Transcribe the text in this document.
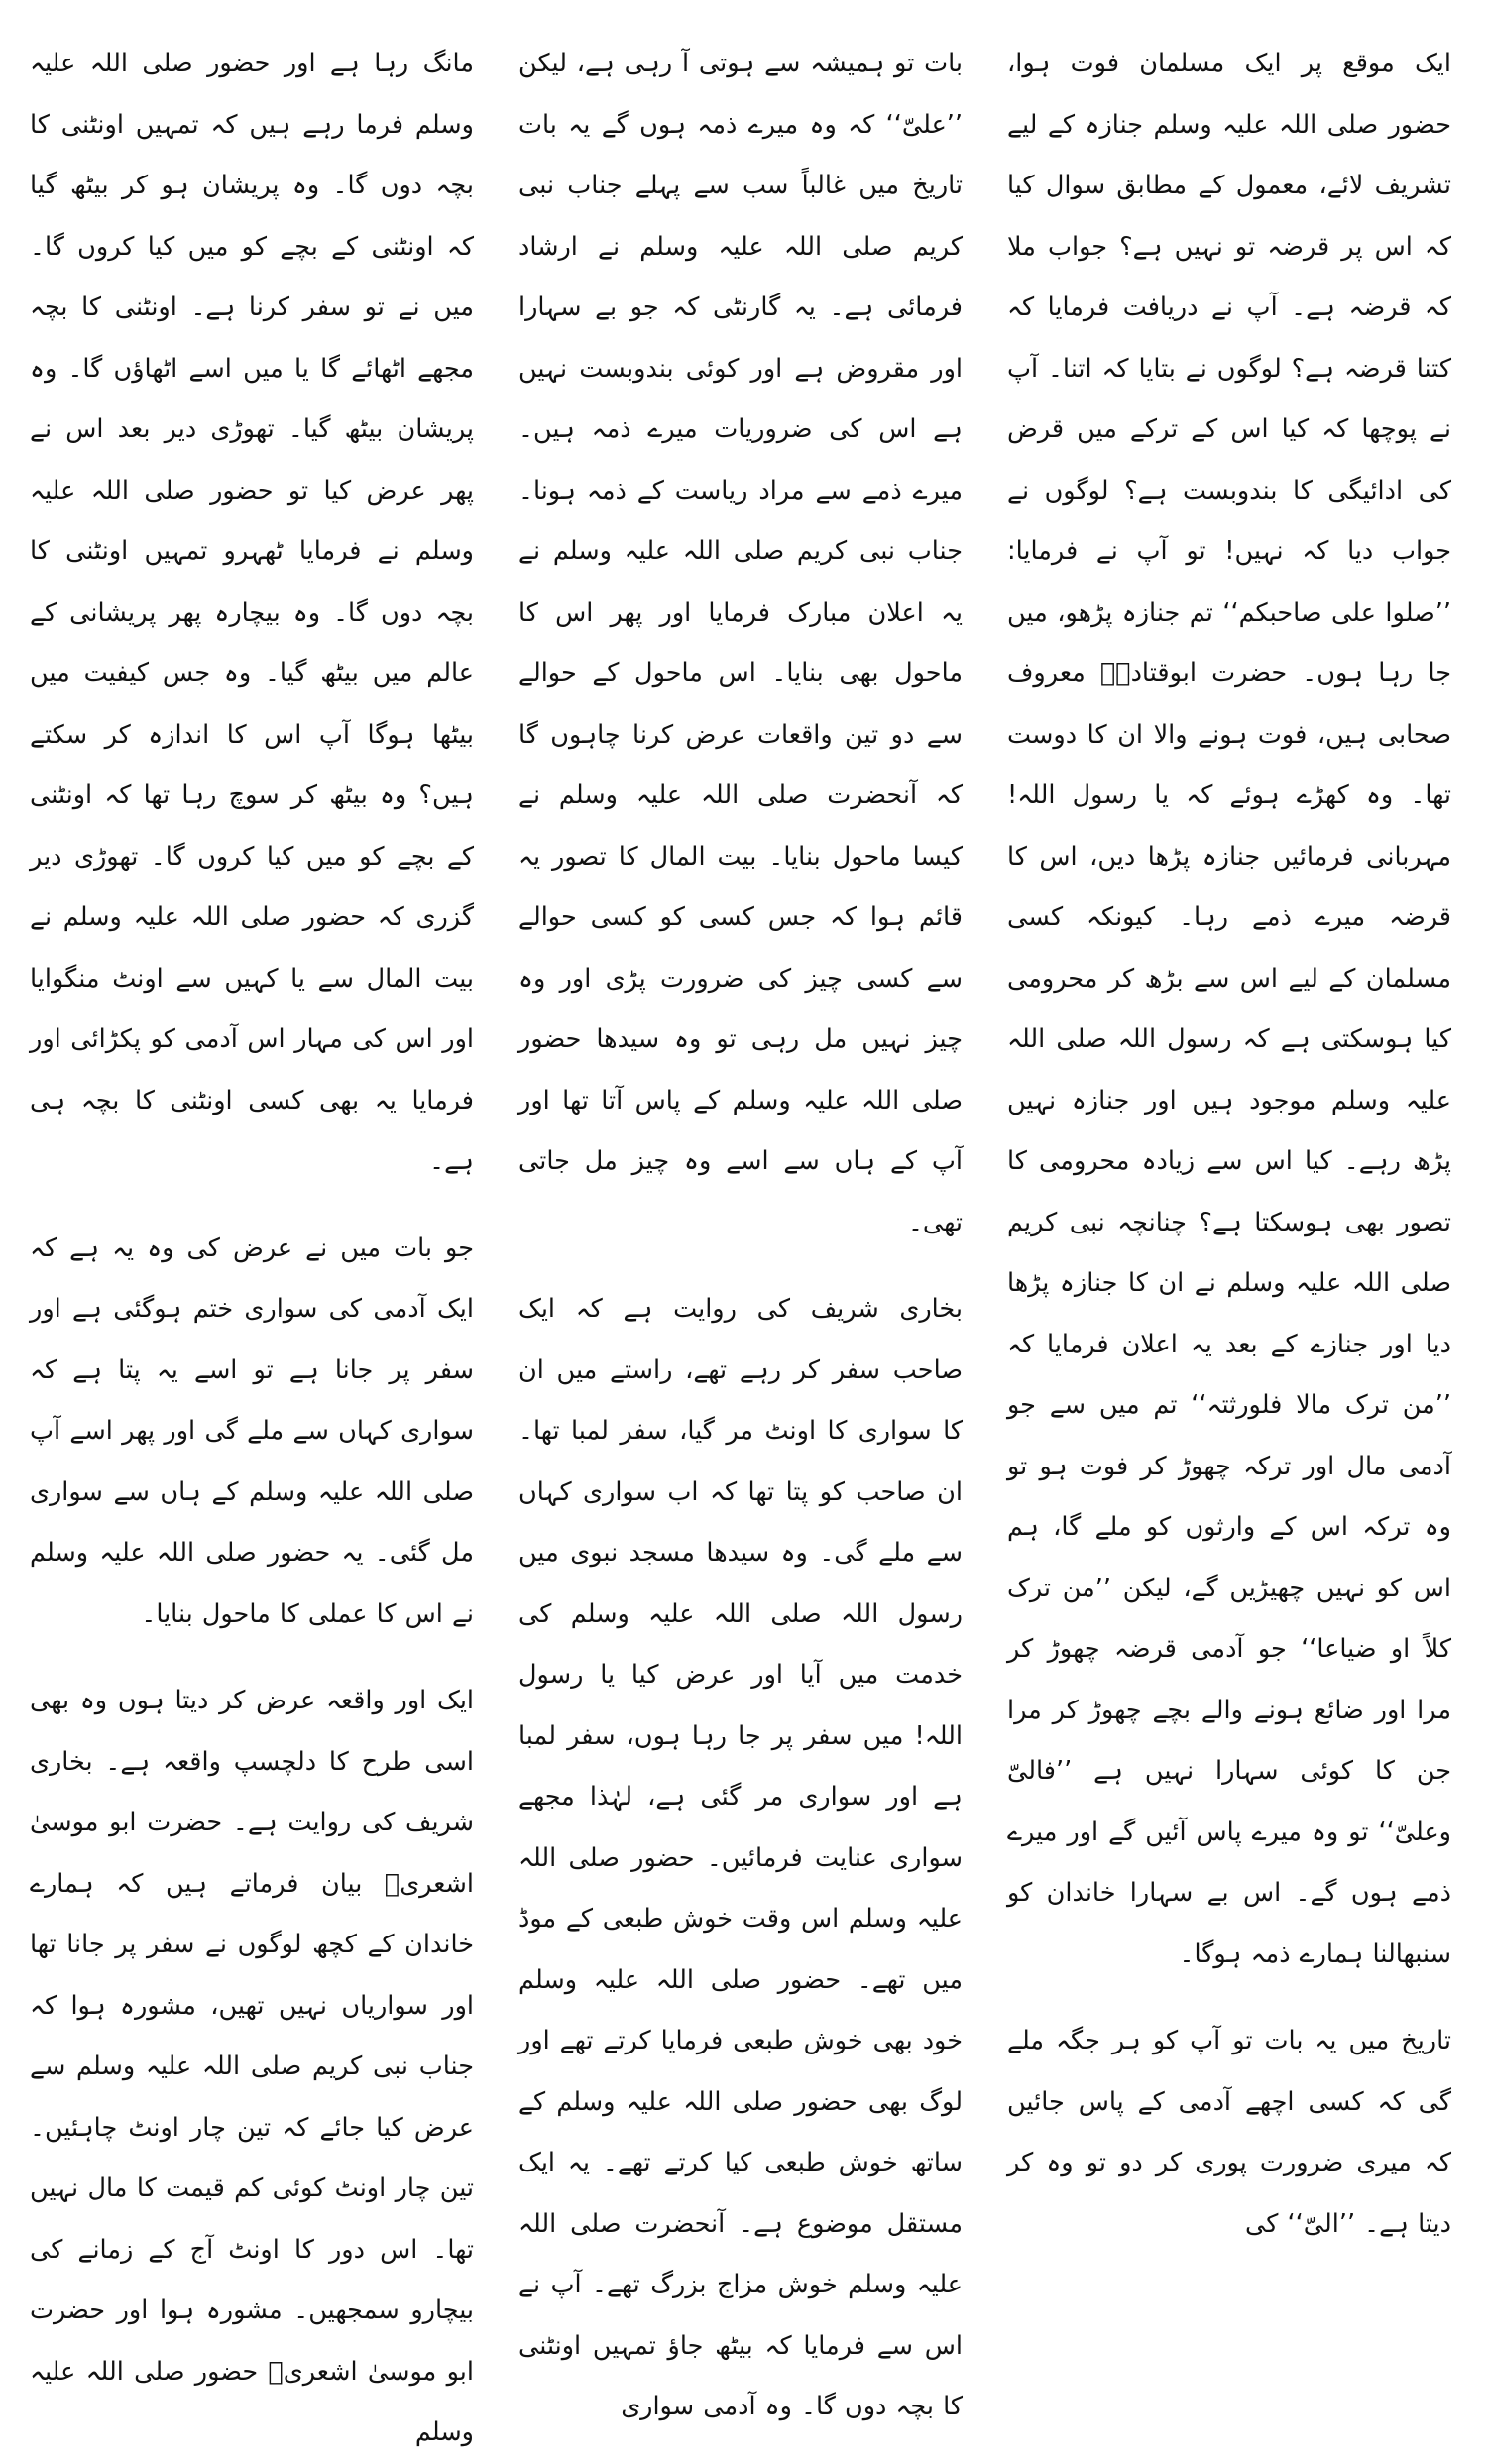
ایک موقع پر ایک مسلمان فوت ہوا، حضور صلی اللہ علیہ وسلم جنازہ کے لیے تشریف لائے، معمول کے مطابق سوال کیا کہ اس پر قرضہ تو نہیں ہے؟ جواب ملا کہ قرضہ ہے۔ آپ نے دریافت فرمایا کہ کتنا قرضہ ہے؟ لوگوں نے بتایا کہ اتنا۔ آپ نے پوچھا کہ کیا اس کے ترکے میں قرض کی ادائیگی کا بندوبست ہے؟ لوگوں نے جواب دیا کہ نہیں! تو آپ نے فرمایا: ’’صلوا علی صاحبکم‘‘ تم جنازہ پڑھو، میں جا رہا ہوں۔ حضرت ابوقتادہؓ معروف صحابی ہیں، فوت ہونے والا ان کا دوست تھا۔ وہ کھڑے ہوئے کہ یا رسول اللہ! مہربانی فرمائیں جنازہ پڑھا دیں، اس کا قرضہ میرے ذمے رہا۔ کیونکہ کسی مسلمان کے لیے اس سے بڑھ کر محرومی کیا ہوسکتی ہے کہ رسول اللہ صلی اللہ علیہ وسلم موجود ہیں اور جنازہ نہیں پڑھ رہے۔ کیا اس سے زیادہ محرومی کا تصور بھی ہوسکتا ہے؟ چنانچہ نبی کریم صلی اللہ علیہ وسلم نے ان کا جنازہ پڑھا دیا اور جنازے کے بعد یہ اعلان فرمایا کہ ’’من ترک مالا فلورثتہ‘‘ تم میں سے جو آدمی مال اور ترکہ چھوڑ کر فوت ہو تو وہ ترکہ اس کے وارثوں کو ملے گا، ہم اس کو نہیں چھیڑیں گے، لیکن ’’من ترک کلاً او ضیاعا‘‘ جو آدمی قرضہ چھوڑ کر مرا اور ضائع ہونے والے بچے چھوڑ کر مرا جن کا کوئی سہارا نہیں ہے ’’فالیّ وعلیّ‘‘ تو وہ میرے پاس آئیں گے اور میرے ذمے ہوں گے۔ اس بے سہارا خاندان کو سنبھالنا ہمارے ذمہ ہوگا۔

تاریخ میں یہ بات تو آپ کو ہر جگہ ملے گی کہ کسی اچھے آدمی کے پاس جائیں کہ میری ضرورت پوری کر دو تو وہ کر دیتا ہے۔ ’’الیّ‘‘ کی

بات تو ہمیشہ سے ہوتی آ رہی ہے، لیکن ’’علیّ‘‘ کہ وہ میرے ذمہ ہوں گے یہ بات تاریخ میں غالباً سب سے پہلے جناب نبی کریم صلی اللہ علیہ وسلم نے ارشاد فرمائی ہے۔ یہ گارنٹی کہ جو بے سہارا اور مقروض ہے اور کوئی بندوبست نہیں ہے اس کی ضروریات میرے ذمہ ہیں۔ میرے ذمے سے مراد ریاست کے ذمہ ہونا۔ جناب نبی کریم صلی اللہ علیہ وسلم نے یہ اعلان مبارک فرمایا اور پھر اس کا ماحول بھی بنایا۔ اس ماحول کے حوالے سے دو تین واقعات عرض کرنا چاہوں گا کہ آنحضرت صلی اللہ علیہ وسلم نے کیسا ماحول بنایا۔ بیت المال کا تصور یہ قائم ہوا کہ جس کسی کو کسی حوالے سے کسی چیز کی ضرورت پڑی اور وہ چیز نہیں مل رہی تو وہ سیدھا حضور صلی اللہ علیہ وسلم کے پاس آتا تھا اور آپ کے ہاں سے اسے وہ چیز مل جاتی تھی۔

بخاری شریف کی روایت ہے کہ ایک صاحب سفر کر رہے تھے، راستے میں ان کا سواری کا اونٹ مر گیا، سفر لمبا تھا۔ ان صاحب کو پتا تھا کہ اب سواری کہاں سے ملے گی۔ وہ سیدھا مسجد نبوی میں رسول اللہ صلی اللہ علیہ وسلم کی خدمت میں آیا اور عرض کیا یا رسول اللہ! میں سفر پر جا رہا ہوں، سفر لمبا ہے اور سواری مر گئی ہے، لہٰذا مجھے سواری عنایت فرمائیں۔ حضور صلی اللہ علیہ وسلم اس وقت خوش طبعی کے موڈ میں تھے۔ حضور صلی اللہ علیہ وسلم خود بھی خوش طبعی فرمایا کرتے تھے اور لوگ بھی حضور صلی اللہ علیہ وسلم کے ساتھ خوش طبعی کیا کرتے تھے۔ یہ ایک مستقل موضوع ہے۔ آنحضرت صلی اللہ علیہ وسلم خوش مزاج بزرگ تھے۔ آپ نے اس سے فرمایا کہ بیٹھ جاؤ تمہیں اونٹنی کا بچہ دوں گا۔ وہ آدمی سواری

مانگ رہا ہے اور حضور صلی اللہ علیہ وسلم فرما رہے ہیں کہ تمہیں اونٹنی کا بچہ دوں گا۔ وہ پریشان ہو کر بیٹھ گیا کہ اونٹنی کے بچے کو میں کیا کروں گا۔ میں نے تو سفر کرنا ہے۔ اونٹنی کا بچہ مجھے اٹھائے گا یا میں اسے اٹھاؤں گا۔ وہ پریشان بیٹھ گیا۔ تھوڑی دیر بعد اس نے پھر عرض کیا تو حضور صلی اللہ علیہ وسلم نے فرمایا ٹھہرو تمہیں اونٹنی کا بچہ دوں گا۔ وہ بیچارہ پھر پریشانی کے عالم میں بیٹھ گیا۔ وہ جس کیفیت میں بیٹھا ہوگا آپ اس کا اندازہ کر سکتے ہیں؟ وہ بیٹھ کر سوچ رہا تھا کہ اونٹنی کے بچے کو میں کیا کروں گا۔ تھوڑی دیر گزری کہ حضور صلی اللہ علیہ وسلم نے بیت المال سے یا کہیں سے اونٹ منگوایا اور اس کی مہار اس آدمی کو پکڑائی اور فرمایا یہ بھی کسی اونٹنی کا بچہ ہی ہے۔

جو بات میں نے عرض کی وہ یہ ہے کہ ایک آدمی کی سواری ختم ہوگئی ہے اور سفر پر جانا ہے تو اسے یہ پتا ہے کہ سواری کہاں سے ملے گی اور پھر اسے آپ صلی اللہ علیہ وسلم کے ہاں سے سواری مل گئی۔ یہ حضور صلی اللہ علیہ وسلم نے اس کا عملی کا ماحول بنایا۔

ایک اور واقعہ عرض کر دیتا ہوں وہ بھی اسی طرح کا دلچسپ واقعہ ہے۔ بخاری شریف کی روایت ہے۔ حضرت ابو موسیٰ اشعریؓ بیان فرماتے ہیں کہ ہمارے خاندان کے کچھ لوگوں نے سفر پر جانا تھا اور سواریاں نہیں تھیں، مشورہ ہوا کہ جناب نبی کریم صلی اللہ علیہ وسلم سے عرض کیا جائے کہ تین چار اونٹ چاہئیں۔ تین چار اونٹ کوئی کم قیمت کا مال نہیں تھا۔ اس دور کا اونٹ آج کے زمانے کی بیچارو سمجھیں۔ مشورہ ہوا اور حضرت ابو موسیٰ اشعریؓ حضور صلی اللہ علیہ وسلم
